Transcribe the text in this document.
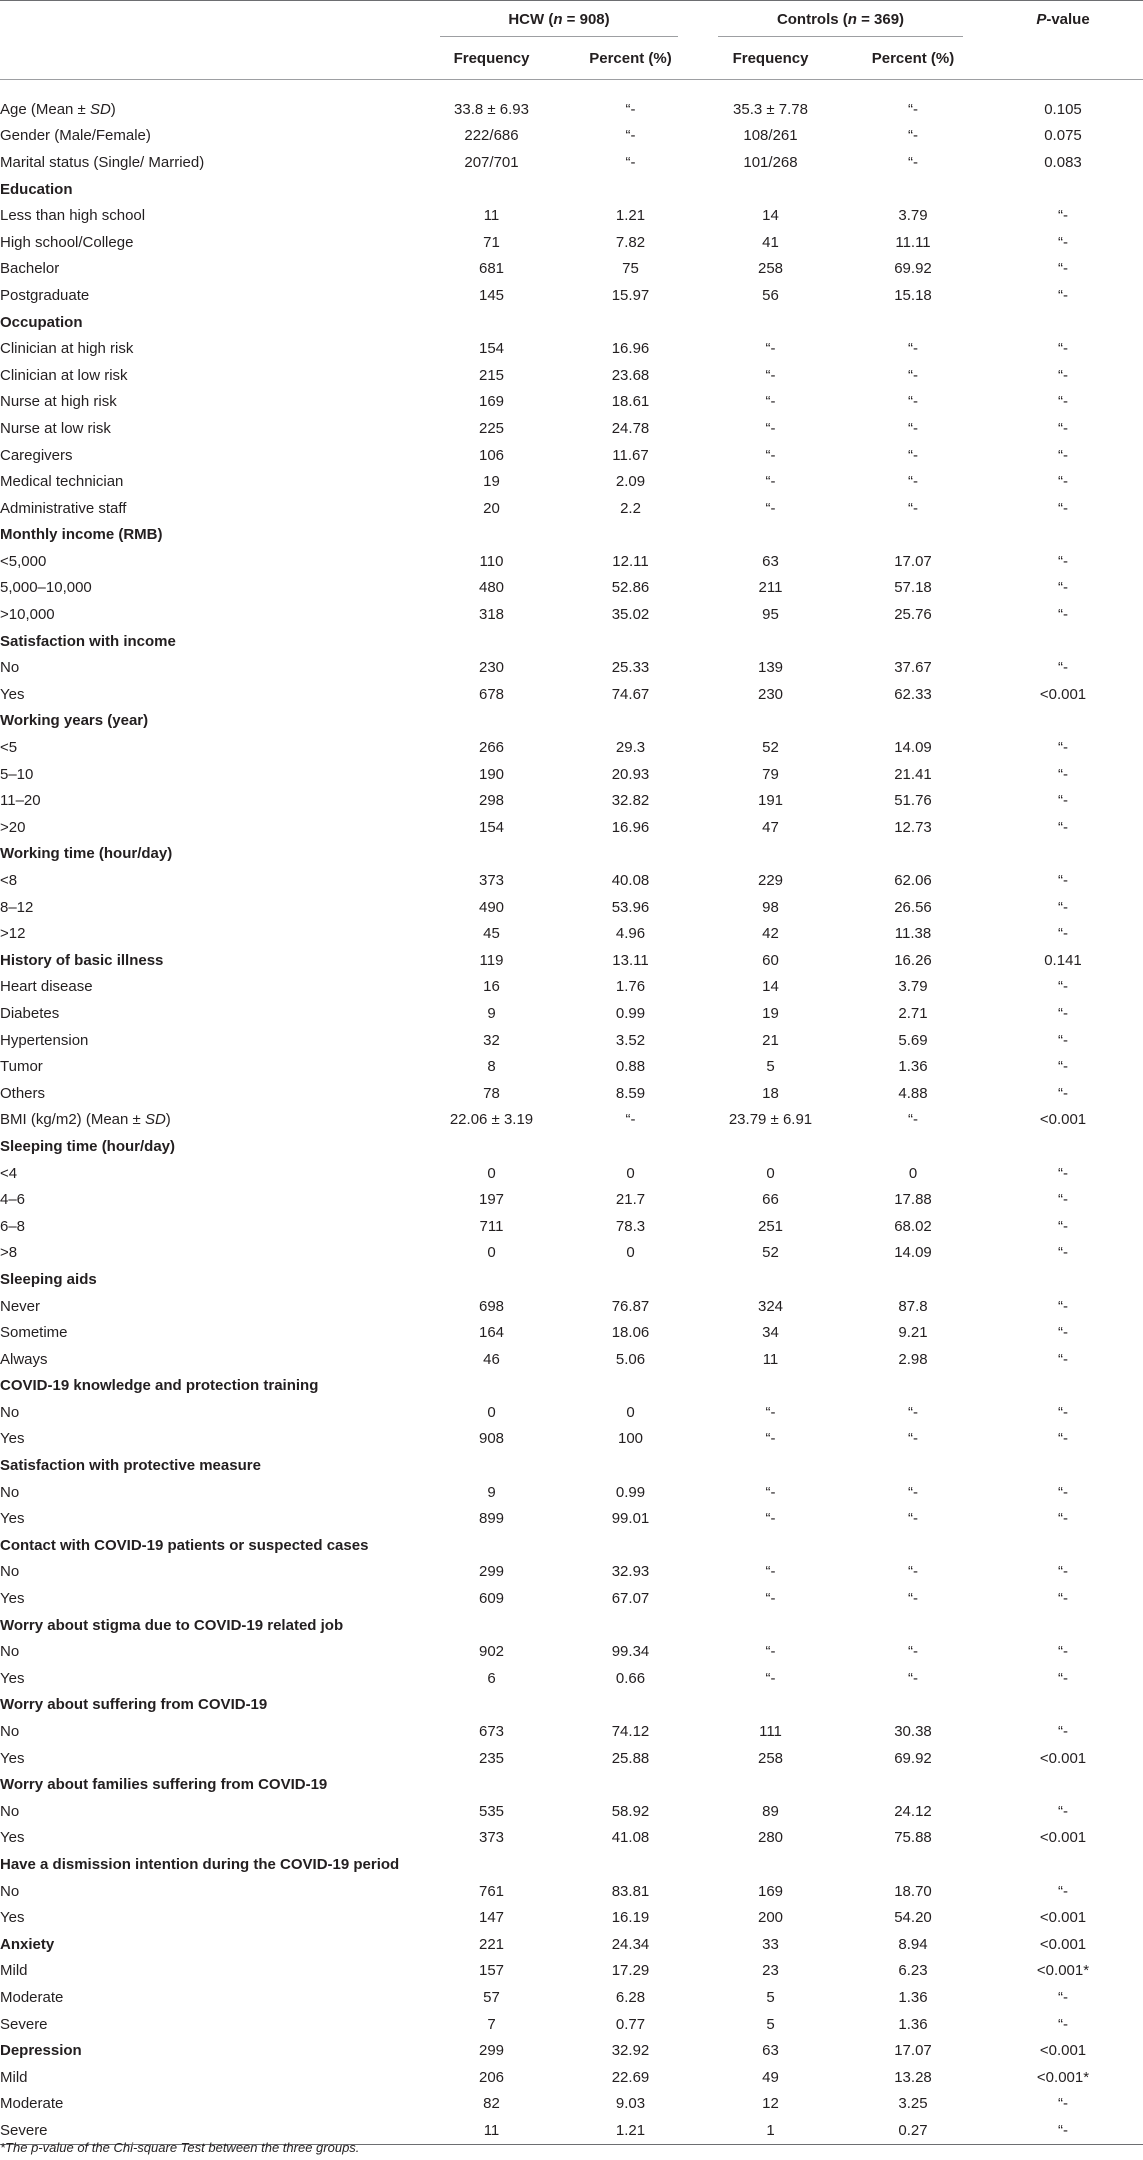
	HCW (n = 908)		Controls (n = 369)		P-value
	Frequency	Percent (%)	Frequency	Percent (%)	

Age (Mean ± SD)	33.8 ± 6.93	“-	35.3 ± 7.78	“-	0.105
Gender (Male/Female)	222/686	“-	108/261	“-	0.075
Marital status (Single/ Married)	207/701	“-	101/268	“-	0.083
Education					
Less than high school	11	1.21	14	3.79	“-
High school/College	71	7.82	41	11.11	“-
Bachelor	681	75	258	69.92	“-
Postgraduate	145	15.97	56	15.18	“-
Occupation					
Clinician at high risk	154	16.96	“-	“-	“-
Clinician at low risk	215	23.68	“-	“-	“-
Nurse at high risk	169	18.61	“-	“-	“-
Nurse at low risk	225	24.78	“-	“-	“-
Caregivers	106	11.67	“-	“-	“-
Medical technician	19	2.09	“-	“-	“-
Administrative staff	20	2.2	“-	“-	“-
Monthly income (RMB)					
<5,000	110	12.11	63	17.07	“-
5,000–10,000	480	52.86	211	57.18	“-
>10,000	318	35.02	95	25.76	“-
Satisfaction with income					
No	230	25.33	139	37.67	“-
Yes	678	74.67	230	62.33	<0.001
Working years (year)					
<5	266	29.3	52	14.09	“-
5–10	190	20.93	79	21.41	“-
11–20	298	32.82	191	51.76	“-
>20	154	16.96	47	12.73	“-
Working time (hour/day)					
<8	373	40.08	229	62.06	“-
8–12	490	53.96	98	26.56	“-
>12	45	4.96	42	11.38	“-
History of basic illness	119	13.11	60	16.26	0.141
Heart disease	16	1.76	14	3.79	“-
Diabetes	9	0.99	19	2.71	“-
Hypertension	32	3.52	21	5.69	“-
Tumor	8	0.88	5	1.36	“-
Others	78	8.59	18	4.88	“-
BMI (kg/m2) (Mean ± SD)	22.06 ± 3.19	“-	23.79 ± 6.91	“-	<0.001
Sleeping time (hour/day)					
<4	0	0	0	0	“-
4–6	197	21.7	66	17.88	“-
6–8	711	78.3	251	68.02	“-
>8	0	0	52	14.09	“-
Sleeping aids					
Never	698	76.87	324	87.8	“-
Sometime	164	18.06	34	9.21	“-
Always	46	5.06	11	2.98	“-
COVID-19 knowledge and protection training					
No	0	0	“-	“-	“-
Yes	908	100	“-	“-	“-
Satisfaction with protective measure					
No	9	0.99	“-	“-	“-
Yes	899	99.01	“-	“-	“-
Contact with COVID-19 patients or suspected cases					
No	299	32.93	“-	“-	“-
Yes	609	67.07	“-	“-	“-
Worry about stigma due to COVID-19 related job					
No	902	99.34	“-	“-	“-
Yes	6	0.66	“-	“-	“-
Worry about suffering from COVID-19					
No	673	74.12	111	30.38	“-
Yes	235	25.88	258	69.92	<0.001
Worry about families suffering from COVID-19					
No	535	58.92	89	24.12	“-
Yes	373	41.08	280	75.88	<0.001
Have a dismission intention during the COVID-19 period					
No	761	83.81	169	18.70	“-
Yes	147	16.19	200	54.20	<0.001
Anxiety	221	24.34	33	8.94	<0.001
Mild	157	17.29	23	6.23	<0.001*
Moderate	57	6.28	5	1.36	“-
Severe	7	0.77	5	1.36	“-
Depression	299	32.92	63	17.07	<0.001
Mild	206	22.69	49	13.28	<0.001*
Moderate	82	9.03	12	3.25	“-
Severe	11	1.21	1	0.27	“-
*The p-value of the Chi-square Test between the three groups.
